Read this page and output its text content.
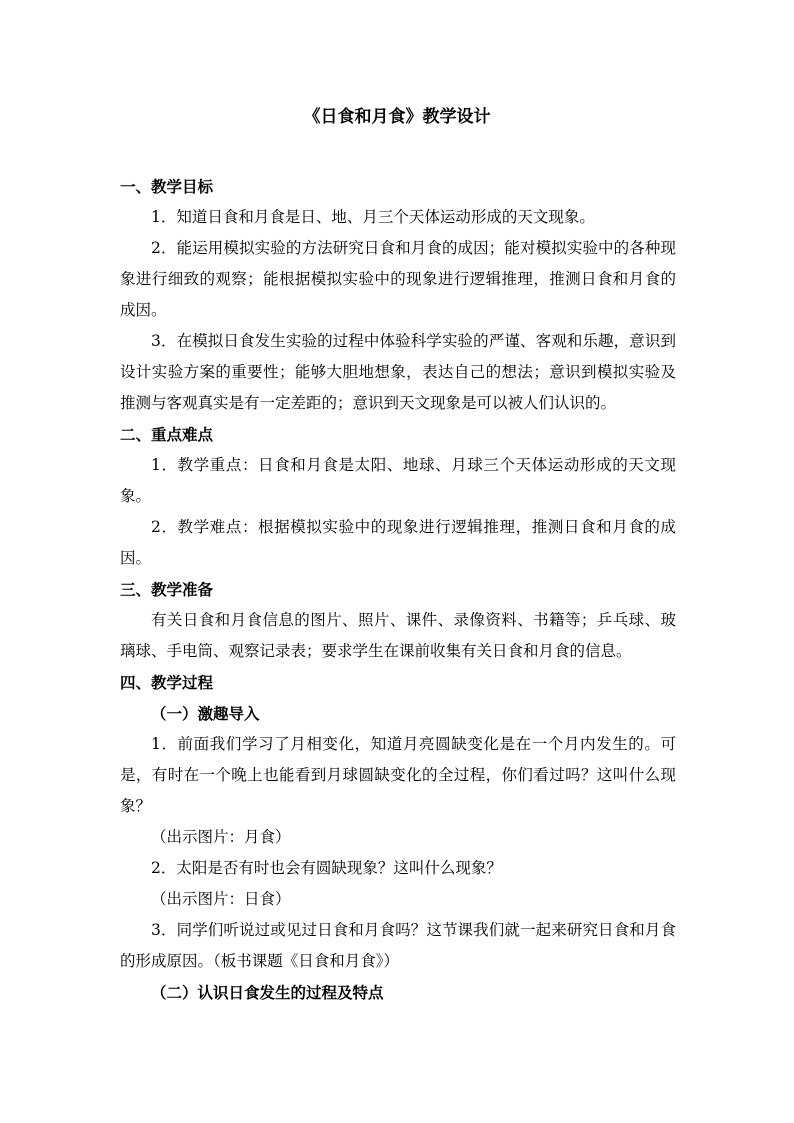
《日食和月食》教学设计

一、教学目标

1．知道日食和月食是日、地、月三个天体运动形成的天文现象。

2．能运用模拟实验的方法研究日食和月食的成因；能对模拟实验中的各种现象进行细致的观察；能根据模拟实验中的现象进行逻辑推理，推测日食和月食的成因。

3．在模拟日食发生实验的过程中体验科学实验的严谨、客观和乐趣，意识到设计实验方案的重要性；能够大胆地想象，表达自己的想法；意识到模拟实验及推测与客观真实是有一定差距的；意识到天文现象是可以被人们认识的。

二、重点难点

1．教学重点：日食和月食是太阳、地球、月球三个天体运动形成的天文现象。

2．教学难点：根据模拟实验中的现象进行逻辑推理，推测日食和月食的成因。

三、教学准备

有关日食和月食信息的图片、照片、课件、录像资料、书籍等；乒乓球、玻璃球、手电筒、观察记录表；要求学生在课前收集有关日食和月食的信息。

四、教学过程

（一）激趣导入

1．前面我们学习了月相变化，知道月亮圆缺变化是在一个月内发生的。可是，有时在一个晚上也能看到月球圆缺变化的全过程，你们看过吗？这叫什么现象？

（出示图片：月食）

2．太阳是否有时也会有圆缺现象？这叫什么现象？

（出示图片：日食）

3．同学们听说过或见过日食和月食吗？这节课我们就一起来研究日食和月食的形成原因。（板书课题《日食和月食》）

（二）认识日食发生的过程及特点
